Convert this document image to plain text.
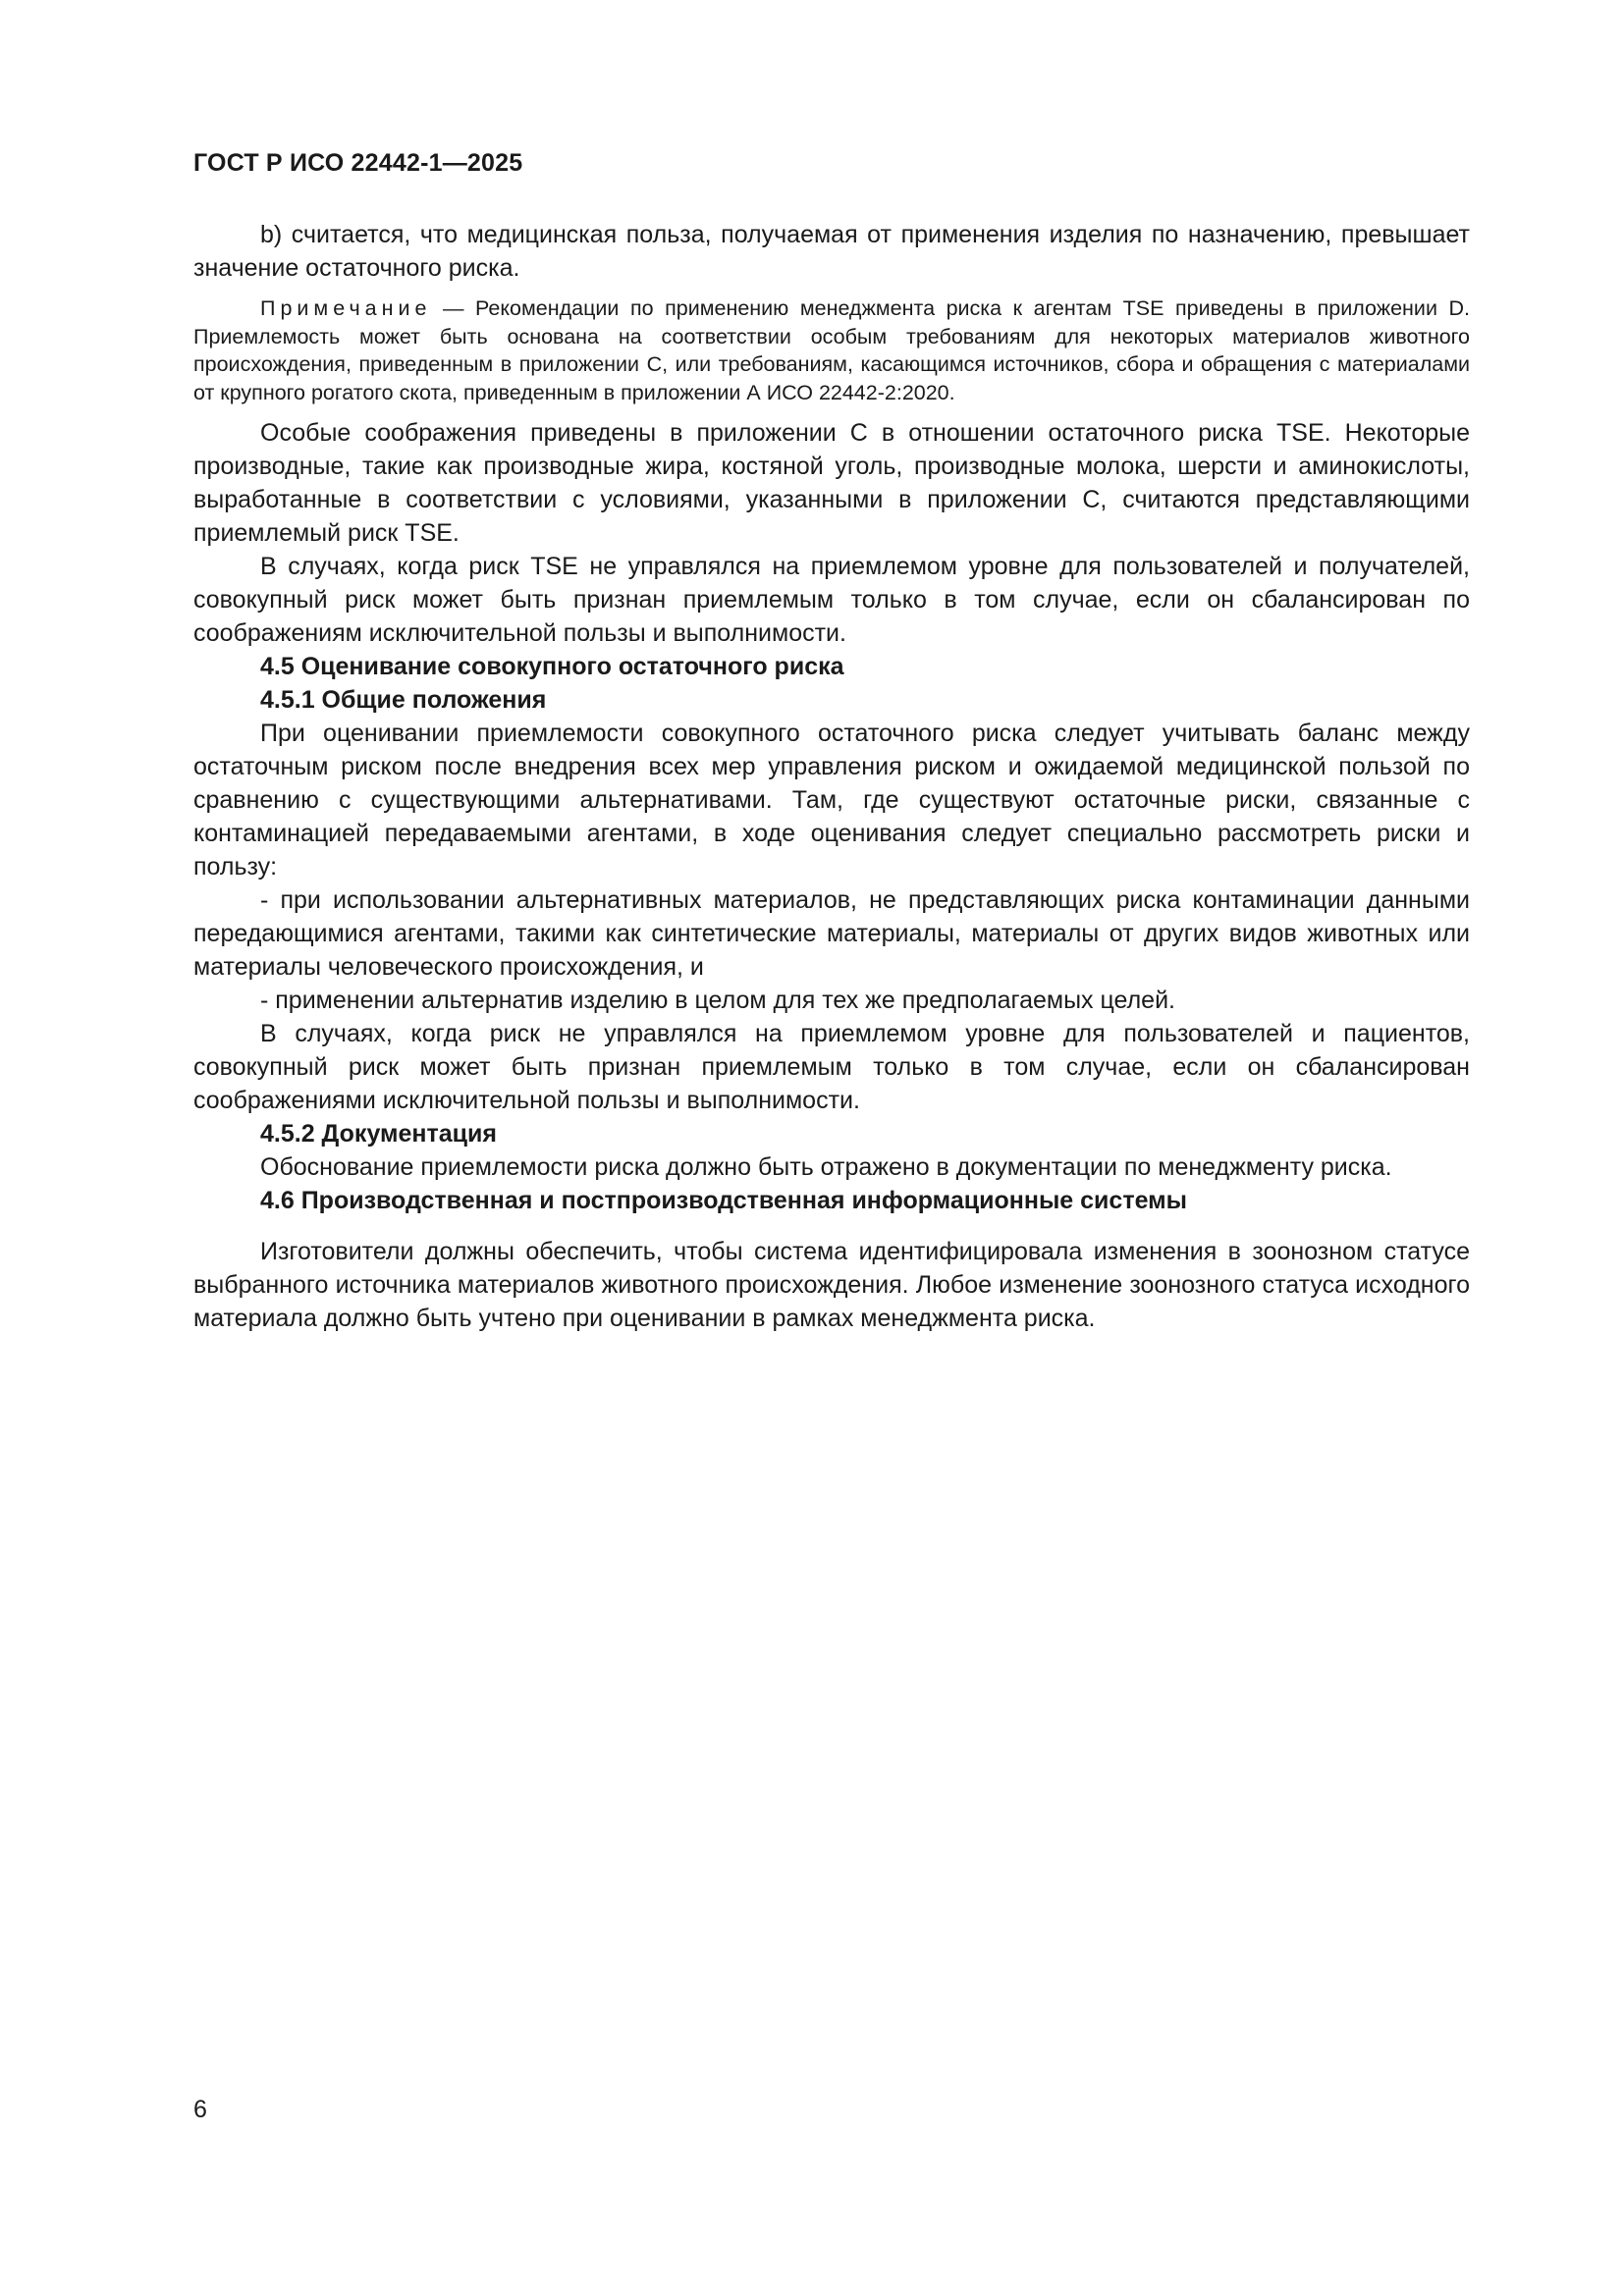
ГОСТ Р ИСО 22442-1—2025

b) считается, что медицинская польза, получаемая от применения изделия по назначению, превышает значение остаточного риска.

Примечание — Рекомендации по применению менеджмента риска к агентам TSE приведены в приложении D. Приемлемость может быть основана на соответствии особым требованиям для некоторых материалов животного происхождения, приведенным в приложении C, или требованиям, касающимся источников, сбора и обращения с материалами от крупного рогатого скота, приведенным в приложении А ИСО 22442-2:2020.

Особые соображения приведены в приложении C в отношении остаточного риска TSE. Некоторые производные, такие как производные жира, костяной уголь, производные молока, шерсти и аминокислоты, выработанные в соответствии с условиями, указанными в приложении C, считаются представляющими приемлемый риск TSE.

В случаях, когда риск TSE не управлялся на приемлемом уровне для пользователей и получателей, совокупный риск может быть признан приемлемым только в том случае, если он сбалансирован по соображениям исключительной пользы и выполнимости.

4.5 Оценивание совокупного остаточного риска

4.5.1 Общие положения

При оценивании приемлемости совокупного остаточного риска следует учитывать баланс между остаточным риском после внедрения всех мер управления риском и ожидаемой медицинской пользой по сравнению с существующими альтернативами. Там, где существуют остаточные риски, связанные с контаминацией передаваемыми агентами, в ходе оценивания следует специально рассмотреть риски и пользу:

- при использовании альтернативных материалов, не представляющих риска контаминации данными передающимися агентами, такими как синтетические материалы, материалы от других видов животных или материалы человеческого происхождения, и

- применении альтернатив изделию в целом для тех же предполагаемых целей.

В случаях, когда риск не управлялся на приемлемом уровне для пользователей и пациентов, совокупный риск может быть признан приемлемым только в том случае, если он сбалансирован соображениями исключительной пользы и выполнимости.

4.5.2 Документация

Обоснование приемлемости риска должно быть отражено в документации по менеджменту риска.

4.6 Производственная и постпроизводственная информационные системы

Изготовители должны обеспечить, чтобы система идентифицировала изменения в зоонозном статусе выбранного источника материалов животного происхождения. Любое изменение зоонозного статуса исходного материала должно быть учтено при оценивании в рамках менеджмента риска.

6
